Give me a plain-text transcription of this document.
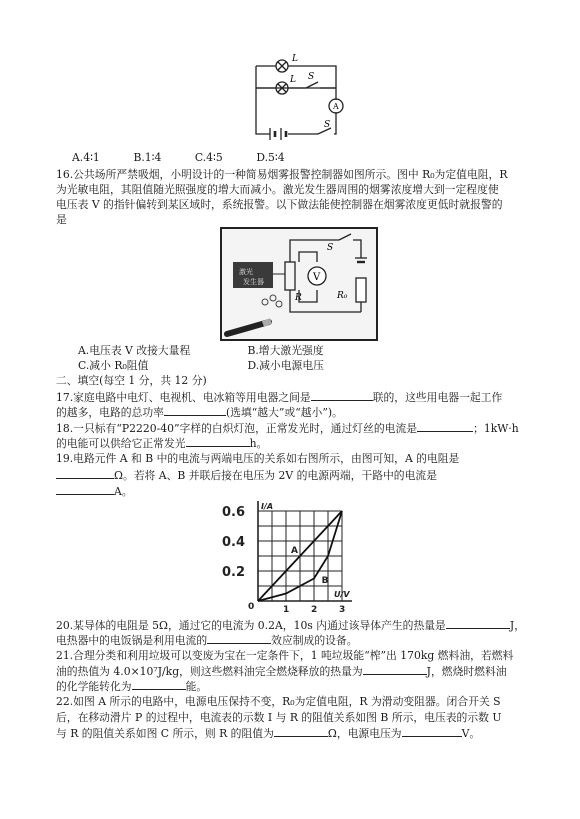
L
L S
A
S
A.4∶1	B.1∶4	C.4∶5	D.5∶4
16.公共场所严禁吸烟，小明设计的一种简易烟雾报警控制器如图所示。图中 R₀为定值电阻，R
为光敏电阻，其阻值随光照强度的增大而减小。激光发生器周围的烟雾浓度增大到一定程度使
电压表 V 的指针偏转到某区域时，系统报警。以下做法能使控制器在烟雾浓度更低时就报警的
是
激光
发生器
R
V
R₀
S
A.电压表 V 改接大量程	B.增大激光强度
C.减小 R₀阻值	D.减小电源电压
二、填空(每空 1 分，共 12 分)
17.家庭电路中电灯、电视机、电冰箱等用电器之间是	联的，这些用电器一起工作
的越多，电路的总功率	(选填“越大”或“越小”)。
18.一只标有“P2220-40”字样的白炽灯泡，正常发光时，通过灯丝的电流是	；1kW·h
的电能可以供给它正常发光	h。
19.电路元件 A 和 B 中的电流与两端电压的关系如右图所示，由图可知，A 的电阻是
Ω。若将 A、B 并联后接在电压为 2V 的电源两端，干路中的电流是
A。
A
B
1 2 3
0.2
0.4
0.6
0
I/A
U/V
20.某导体的电阻是 5Ω，通过它的电流为 0.2A，10s 内通过该导体产生的热量是	J，
电热器中的电饭锅是利用电流的	效应制成的设备。
21.合理分类和利用垃圾可以变废为宝在一定条件下，1 吨垃圾能“榨”出 170kg 燃料油，若燃料
油的热值为 4.0×10⁷J/kg，则这些燃料油完全燃烧释放的热量为	J，燃烧时燃料油
的化学能转化为	能。
22.如图 A 所示的电路中，电源电压保持不变，R₀为定值电阻，R 为滑动变阻器。闭合开关 S
后，在移动滑片 P 的过程中，电流表的示数 I 与 R 的阻值关系如图 B 所示，电压表的示数 U
与 R 的阻值关系如图 C 所示，则 R 的阻值为	Ω，电源电压为	V。
